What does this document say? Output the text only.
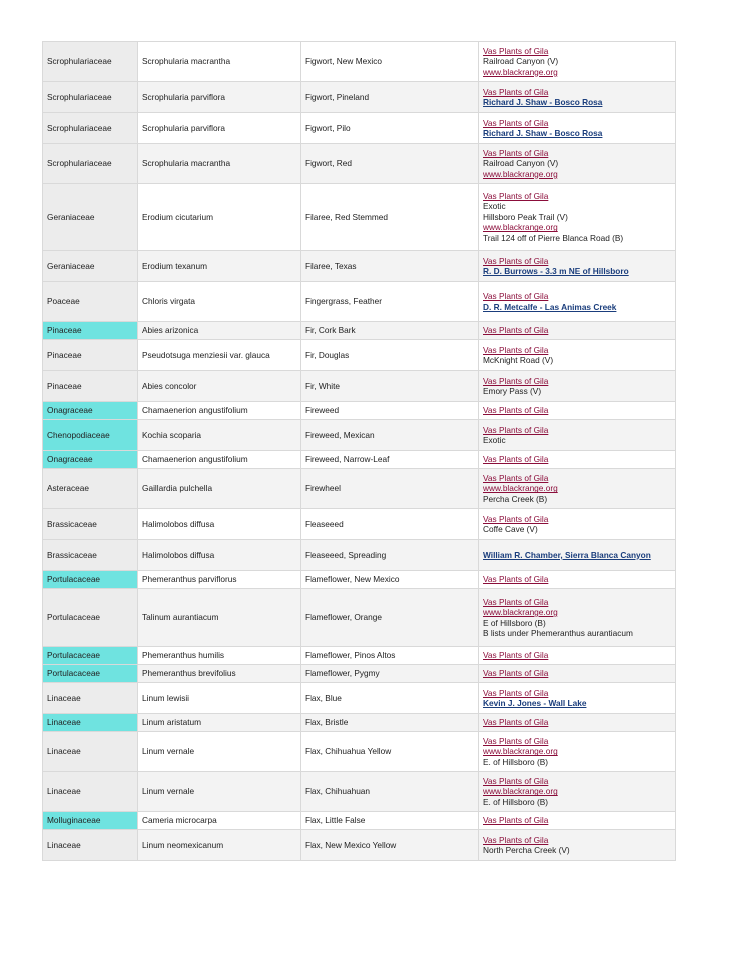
Scrophulariaceae	Scrophularia macrantha	Figwort, New Mexico	Vas Plants of Gila
Railroad Canyon (V)
www.blackrange.org

Scrophulariaceae	Scrophularia parviflora	Figwort, Pineland	Vas Plants of Gila
Richard J. Shaw - Bosco Rosa

Scrophulariaceae	Scrophularia parviflora	Figwort, Pilo	Vas Plants of Gila
Richard J. Shaw - Bosco Rosa

Scrophulariaceae	Scrophularia macrantha	Figwort, Red	Vas Plants of Gila
Railroad Canyon (V)
www.blackrange.org

Geraniaceae	Erodium cicutarium	Filaree, Red Stemmed	Vas Plants of Gila
Exotic
Hillsboro Peak Trail (V)
www.blackrange.org
Trail 124 off of Pierre Blanca Road (B)

Geraniaceae	Erodium texanum	Filaree, Texas	Vas Plants of Gila
R. D. Burrows - 3.3 m NE of Hillsboro

Poaceae	Chloris virgata	Fingergrass, Feather	Vas Plants of Gila
D. R. Metcalfe - Las Animas Creek

Pinaceae	Abies arizonica	Fir, Cork Bark	Vas Plants of Gila

Pinaceae	Pseudotsuga menziesii var. glauca	Fir, Douglas	Vas Plants of Gila
McKnight Road (V)

Pinaceae	Abies concolor	Fir, White	Vas Plants of Gila
Emory Pass (V)

Onagraceae	Chamaenerion angustifolium	Fireweed	Vas Plants of Gila

Chenopodiaceae	Kochia scoparia	Fireweed, Mexican	Vas Plants of Gila
Exotic

Onagraceae	Chamaenerion angustifolium	Fireweed, Narrow-Leaf	Vas Plants of Gila

Asteraceae	Gaillardia pulchella	Firewheel	Vas Plants of Gila
www.blackrange.org
Percha Creek (B)

Brassicaceae	Halimolobos diffusa	Fleaseeed	Vas Plants of Gila
Coffe Cave (V)

Brassicaceae	Halimolobos diffusa	Fleaseeed, Spreading	William R. Chamber, Sierra Blanca Canyon

Portulacaceae	Phemeranthus parviflorus	Flameflower, New Mexico	Vas Plants of Gila

Portulacaceae	Talinum aurantiacum	Flameflower, Orange	Vas Plants of Gila
www.blackrange.org
E of Hillsboro (B)
B lists under Phemeranthus aurantiacum

Portulacaceae	Phemeranthus humilis	Flameflower, Pinos Altos	Vas Plants of Gila

Portulacaceae	Phemeranthus brevifolius	Flameflower, Pygmy	Vas Plants of Gila

Linaceae	Linum lewisii	Flax, Blue	Vas Plants of Gila
Kevin J. Jones - Wall Lake

Linaceae	Linum aristatum	Flax, Bristle	Vas Plants of Gila

Linaceae	Linum vernale	Flax, Chihuahua Yellow	Vas Plants of Gila
www.blackrange.org
E. of Hillsboro (B)

Linaceae	Linum vernale	Flax, Chihuahuan	Vas Plants of Gila
www.blackrange.org
E. of Hillsboro (B)

Molluginaceae	Cameria microcarpa	Flax, Little False	Vas Plants of Gila

Linaceae	Linum neomexicanum	Flax, New Mexico Yellow	Vas Plants of Gila
North Percha Creek (V)
